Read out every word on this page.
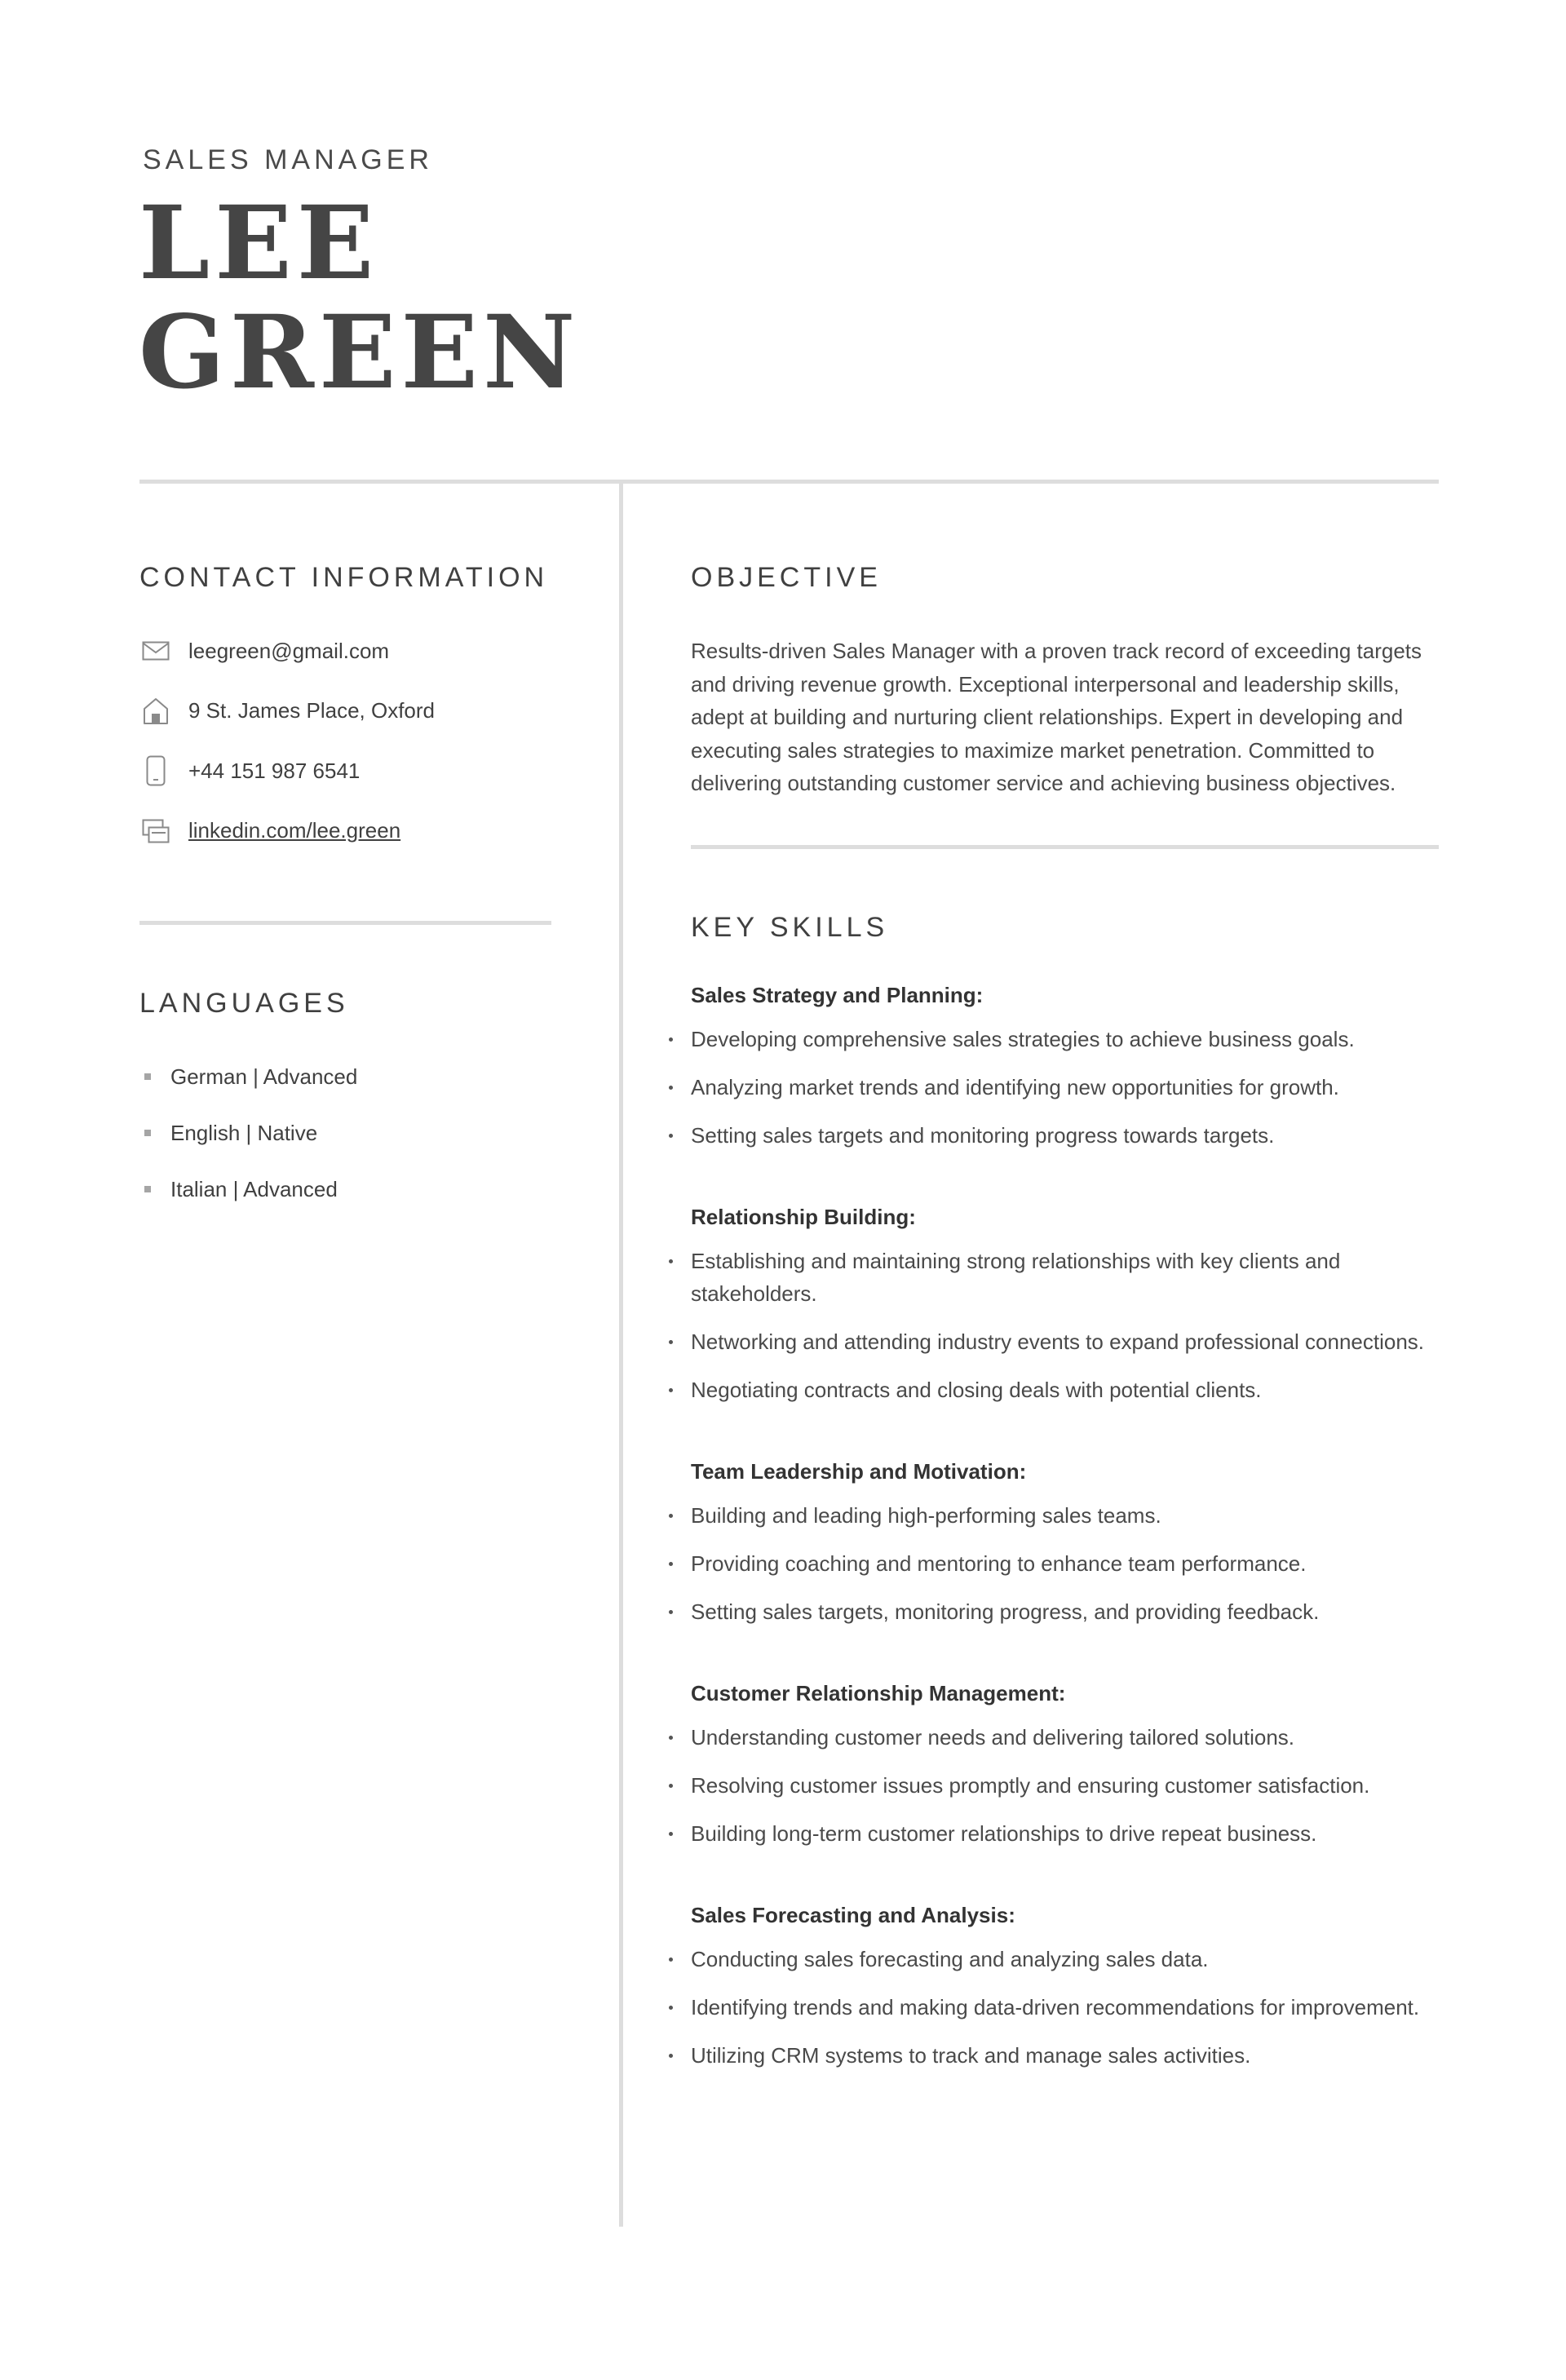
SALES MANAGER

LEE
GREEN
CONTACT INFORMATION
leegreen@gmail.com
9 St. James Place, Oxford
+44 151 987 6541
linkedin.com/lee.green
LANGUAGES
German | Advanced
English | Native
Italian | Advanced
OBJECTIVE

Results-driven Sales Manager with a proven track record of exceeding targets and driving revenue growth. Exceptional interpersonal and leadership skills, adept at building and nurturing client relationships. Expert in developing and executing sales strategies to maximize market penetration. Committed to delivering outstanding customer service and achieving business objectives.

KEY SKILLS

Sales Strategy and Planning:

Developing comprehensive sales strategies to achieve business goals.
Analyzing market trends and identifying new opportunities for growth.
Setting sales targets and monitoring progress towards targets.

Relationship Building:

Establishing and maintaining strong relationships with key clients and stakeholders.
Networking and attending industry events to expand professional connections.
Negotiating contracts and closing deals with potential clients.

Team Leadership and Motivation:

Building and leading high-performing sales teams.
Providing coaching and mentoring to enhance team performance.
Setting sales targets, monitoring progress, and providing feedback.

Customer Relationship Management:

Understanding customer needs and delivering tailored solutions.
Resolving customer issues promptly and ensuring customer satisfaction.
Building long-term customer relationships to drive repeat business.

Sales Forecasting and Analysis:

Conducting sales forecasting and analyzing sales data.
Identifying trends and making data-driven recommendations for improvement.
Utilizing CRM systems to track and manage sales activities.
